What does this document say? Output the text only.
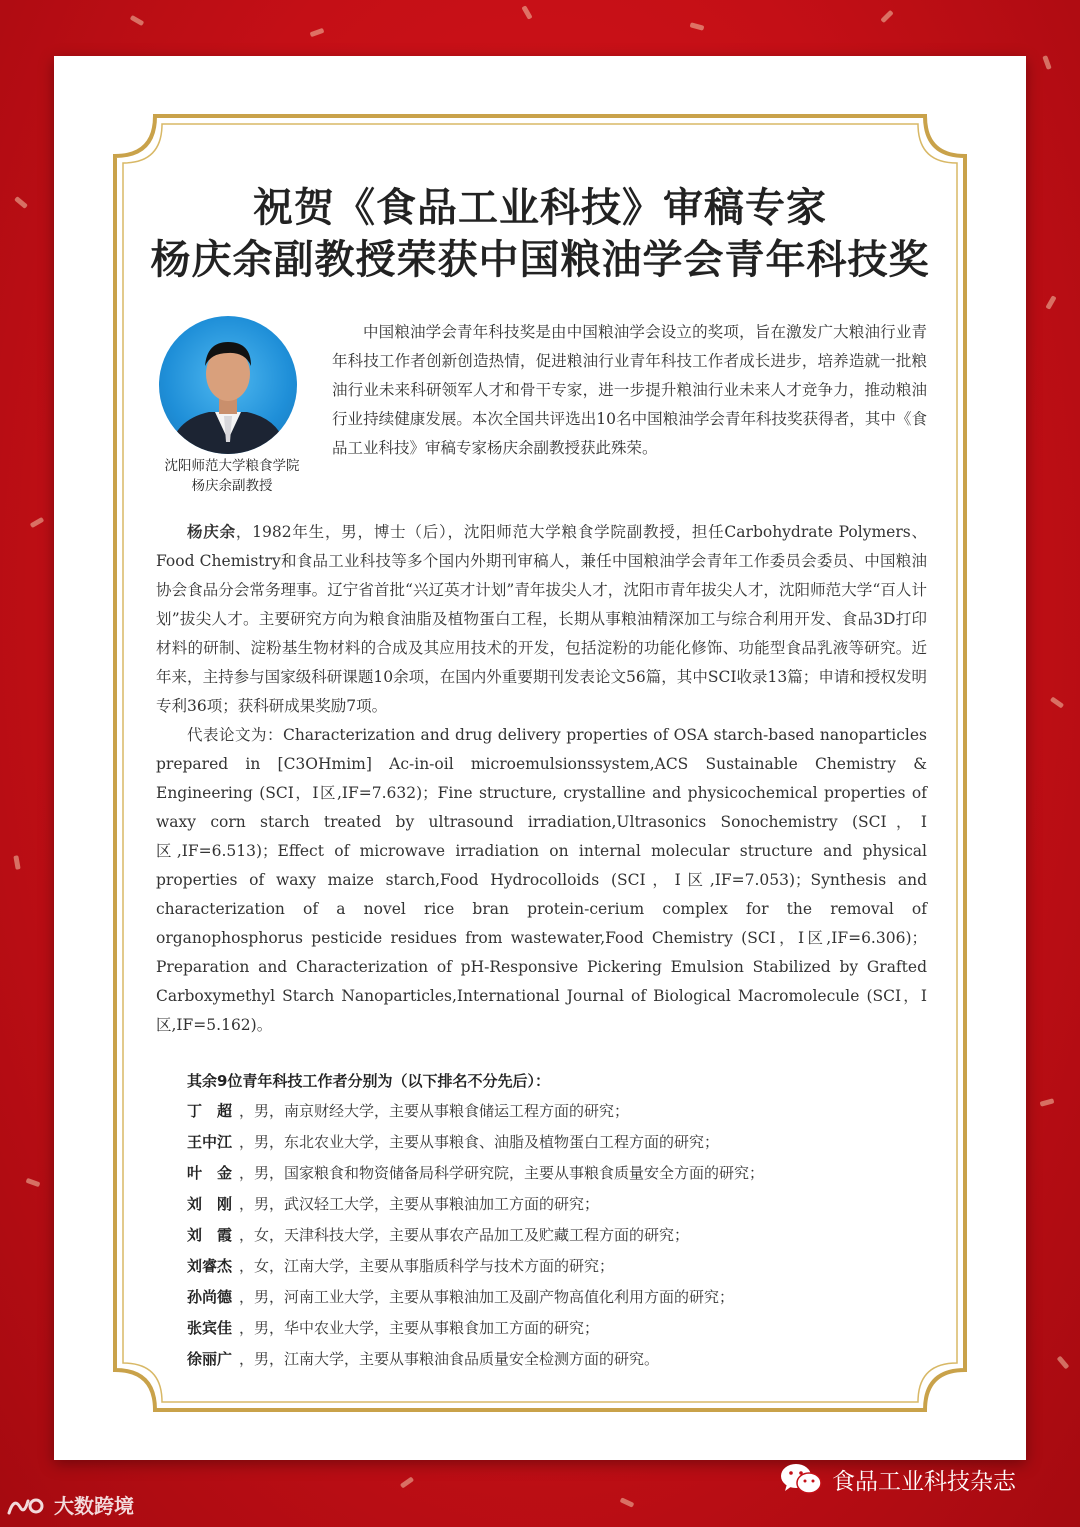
祝贺《食品工业科技》审稿专家
杨庆余副教授荣获中国粮油学会青年科技奖
沈阳师范大学粮食学院
杨庆余副教授

中国粮油学会青年科技奖是由中国粮油学会设立的奖项，旨在激发广大粮油行业青年科技工作者创新创造热情，促进粮油行业青年科技工作者成长进步，培养造就一批粮油行业未来科研领军人才和骨干专家，进一步提升粮油行业未来人才竞争力，推动粮油行业持续健康发展。本次全国共评选出10名中国粮油学会青年科技奖获得者，其中《食品工业科技》审稿专家杨庆余副教授获此殊荣。

杨庆余，1982年生，男，博士（后），沈阳师范大学粮食学院副教授，担任Carbohydrate Polymers、Food Chemistry和食品工业科技等多个国内外期刊审稿人，兼任中国粮油学会青年工作委员会委员、中国粮油协会食品分会常务理事。辽宁省首批“兴辽英才计划”青年拔尖人才，沈阳市青年拔尖人才，沈阳师范大学“百人计划”拔尖人才。主要研究方向为粮食油脂及植物蛋白工程，长期从事粮油精深加工与综合利用开发、食品3D打印材料的研制、淀粉基生物材料的合成及其应用技术的开发，包括淀粉的功能化修饰、功能型食品乳液等研究。近年来，主持参与国家级科研课题10余项，在国内外重要期刊发表论文56篇，其中SCI收录13篇；申请和授权发明专利36项；获科研成果奖励7项。

代表论文为：Characterization and drug delivery properties of OSA starch-based nanoparticles prepared in [C3OHmim] Ac-in-oil microemulsionssystem,ACS Sustainable Chemistry & Engineering (SCI，I区,IF=7.632)；Fine structure, crystalline and physicochemical properties of waxy corn starch treated by ultrasound irradiation,Ultrasonics Sonochemistry (SCI，I区,IF=6.513)；Effect of microwave irradiation on internal molecular structure and physical properties of waxy maize starch,Food Hydrocolloids (SCI，I区,IF=7.053)；Synthesis and characterization of a novel rice bran protein-cerium complex for the removal of organophosphorus pesticide residues from wastewater,Food Chemistry (SCI，I区,IF=6.306)；Preparation and Characterization of pH-Responsive Pickering Emulsion Stabilized by Grafted Carboxymethyl Starch Nanoparticles,International Journal of Biological Macromolecule (SCI，I区,IF=5.162)。

其余9位青年科技工作者分别为（以下排名不分先后）：
丁　超 ，男，南京财经大学，主要从事粮食储运工程方面的研究；
王中江 ，男，东北农业大学，主要从事粮食、油脂及植物蛋白工程方面的研究；
叶　金 ，男，国家粮食和物资储备局科学研究院，主要从事粮食质量安全方面的研究；
刘　刚 ，男，武汉轻工大学，主要从事粮油加工方面的研究；
刘　霞 ，女，天津科技大学，主要从事农产品加工及贮藏工程方面的研究；
刘睿杰 ，女，江南大学，主要从事脂质科学与技术方面的研究；
孙尚德 ，男，河南工业大学，主要从事粮油加工及副产物高值化利用方面的研究；
张宾佳 ，男，华中农业大学，主要从事粮食加工方面的研究；
徐丽广 ，男，江南大学，主要从事粮油食品质量安全检测方面的研究。
食品工业科技杂志
大数跨境
